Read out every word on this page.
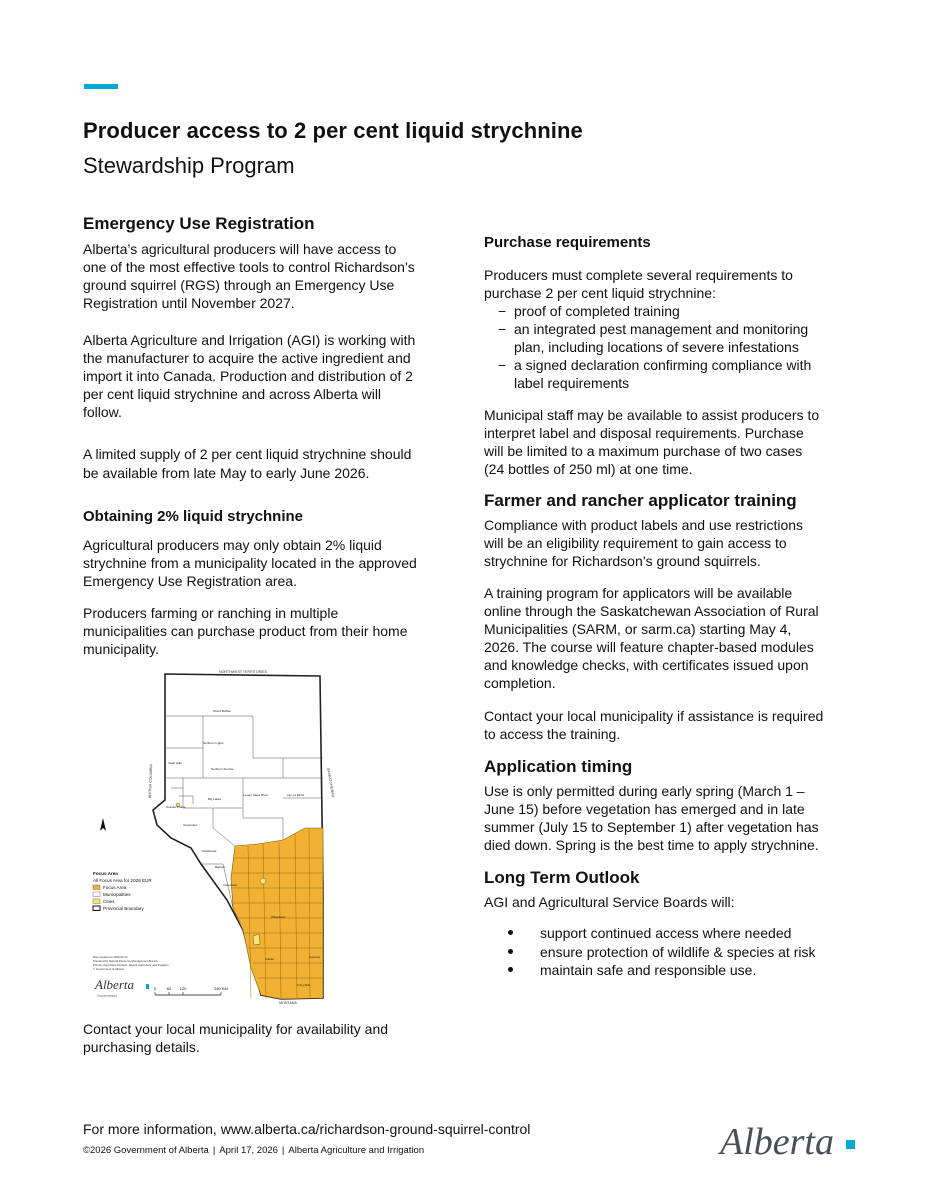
Producer access to 2 per cent liquid strychnine
Stewardship Program
Emergency Use Registration

Alberta’s agricultural producers will have access to
one of the most effective tools to control Richardson’s
ground squirrel (RGS) through an Emergency Use
Registration until November 2027.

Alberta Agriculture and Irrigation (AGI) is working with
the manufacturer to acquire the active ingredient and
import it into Canada. Production and distribution of 2
per cent liquid strychnine and across Alberta will
follow.

A limited supply of 2 per cent liquid strychnine should
be available from late May to early June 2026.

Obtaining 2% liquid strychnine

Agricultural producers may only obtain 2% liquid
strychnine from a municipality located in the approved
Emergency Use Registration area.

Producers farming or ranching in multiple
municipalities can purchase product from their home
municipality.

Contact your local municipality for availability and
purchasing details.

NORTHWEST TERRITORIES
BRITISH COLUMBIA	SASKATCHEWAN
MONTANA
Wood Buffalo
Northern Lights
Clear Hills
Northern Sunrise
Grande Prairie
Lesser Slave River
Big Lakes
Greenview
Lac La Biche
Yellowhead
Clearwater
Bighorn
Wheatland
Vulcan	Cypress
Forty Mile
Focus Area
All Focus Area for 2026 EUR
Focus Area
Municipalities
Cities
Provincial Boundary
Map created on 2026-03-13
Prepared by Natural Resource Management Branch,
Primary Agriculture Division, Alberta Agriculture and Irrigation.
© Government of Alberta
Alberta
Government
0	60 120	240 KM
Purchase requirements

Producers must complete several requirements to
purchase 2 per cent liquid strychnine:

− proof of completed training
− an integrated pest management and monitoring
plan, including locations of severe infestations
− a signed declaration confirming compliance with
label requirements

Municipal staff may be available to assist producers to
interpret label and disposal requirements. Purchase
will be limited to a maximum purchase of two cases
(24 bottles of 250 ml) at one time.

Farmer and rancher applicator training

Compliance with product labels and use restrictions
will be an eligibility requirement to gain access to
strychnine for Richardson’s ground squirrels.

A training program for applicators will be available
online through the Saskatchewan Association of Rural
Municipalities (SARM, or sarm.ca) starting May 4,
2026. The course will feature chapter-based modules
and knowledge checks, with certificates issued upon
completion.

Contact your local municipality if assistance is required
to access the training.

Application timing

Use is only permitted during early spring (March 1 –
June 15) before vegetation has emerged and in late
summer (July 15 to September 1) after vegetation has
died down. Spring is the best time to apply strychnine.

Long Term Outlook

AGI and Agricultural Service Boards will:

support continued access where needed
ensure protection of wildlife & species at risk
maintain safe and responsible use.

For more information, www.alberta.ca/richardson-ground-squirrel-control

©2026 Government of Alberta | April 17, 2026 | Alberta Agriculture and Irrigation	Alberta
